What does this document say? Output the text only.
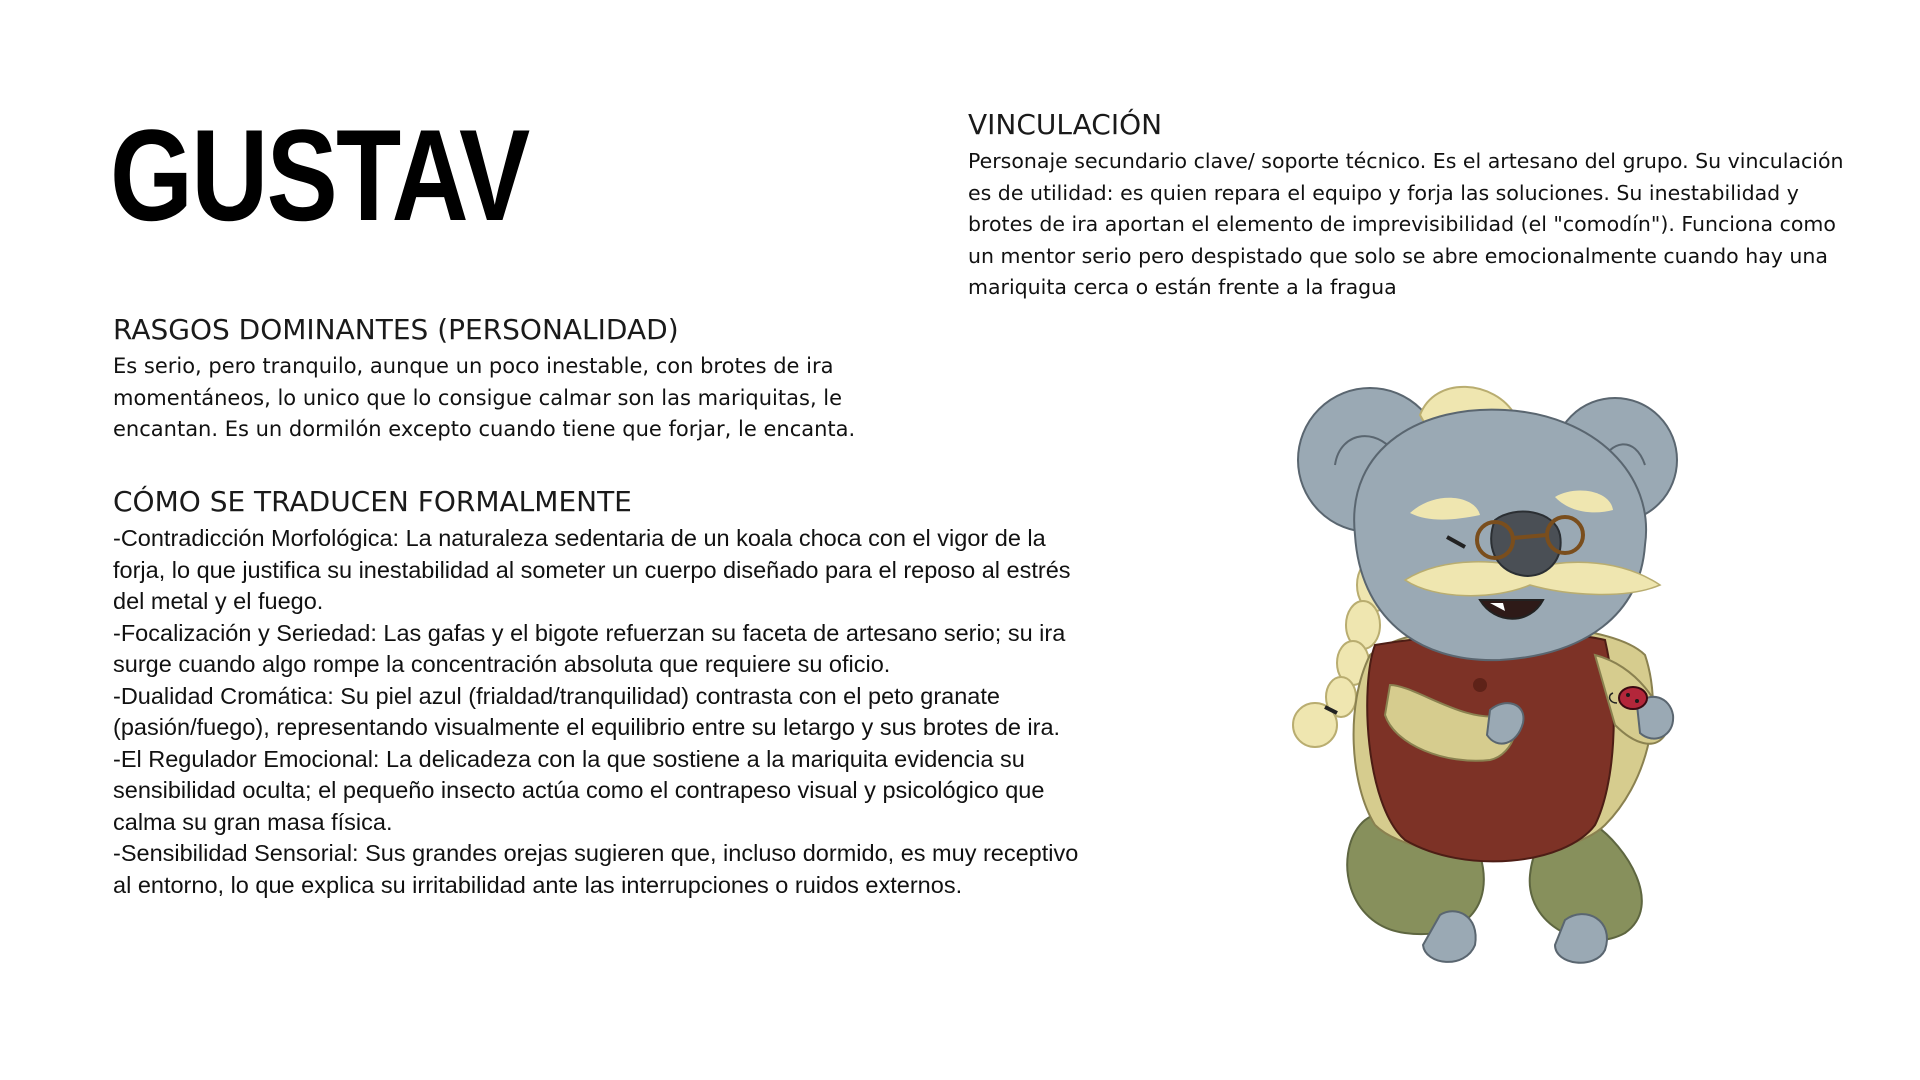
GUSTAV	VINCULACIÓN

Personaje secundario clave/ soporte técnico. Es el artesano del grupo. Su vinculación
es de utilidad: es quien repara el equipo y forja las soluciones. Su inestabilidad y
brotes de ira aportan el elemento de imprevisibilidad (el "comodín"). Funciona como
un mentor serio pero despistado que solo se abre emocionalmente cuando hay una
mariquita cerca o están frente a la fragua

RASGOS DOMINANTES (PERSONALIDAD)

Es serio, pero tranquilo, aunque un poco inestable, con brotes de ira
momentáneos, lo unico que lo consigue calmar son las mariquitas, le
encantan. Es un dormilón excepto cuando tiene que forjar, le encanta.

CÓMO SE TRADUCEN FORMALMENTE

-Contradicción Morfológica: La naturaleza sedentaria de un koala choca con el vigor de la
forja, lo que justifica su inestabilidad al someter un cuerpo diseñado para el reposo al estrés
del metal y el fuego.
-Focalización y Seriedad: Las gafas y el bigote refuerzan su faceta de artesano serio; su ira
surge cuando algo rompe la concentración absoluta que requiere su oficio.
-Dualidad Cromática: Su piel azul (frialdad/tranquilidad) contrasta con el peto granate
(pasión/fuego), representando visualmente el equilibrio entre su letargo y sus brotes de ira.
-El Regulador Emocional: La delicadeza con la que sostiene a la mariquita evidencia su
sensibilidad oculta; el pequeño insecto actúa como el contrapeso visual y psicológico que
calma su gran masa física.
-Sensibilidad Sensorial: Sus grandes orejas sugieren que, incluso dormido, es muy receptivo
al entorno, lo que explica su irritabilidad ante las interrupciones o ruidos externos.
